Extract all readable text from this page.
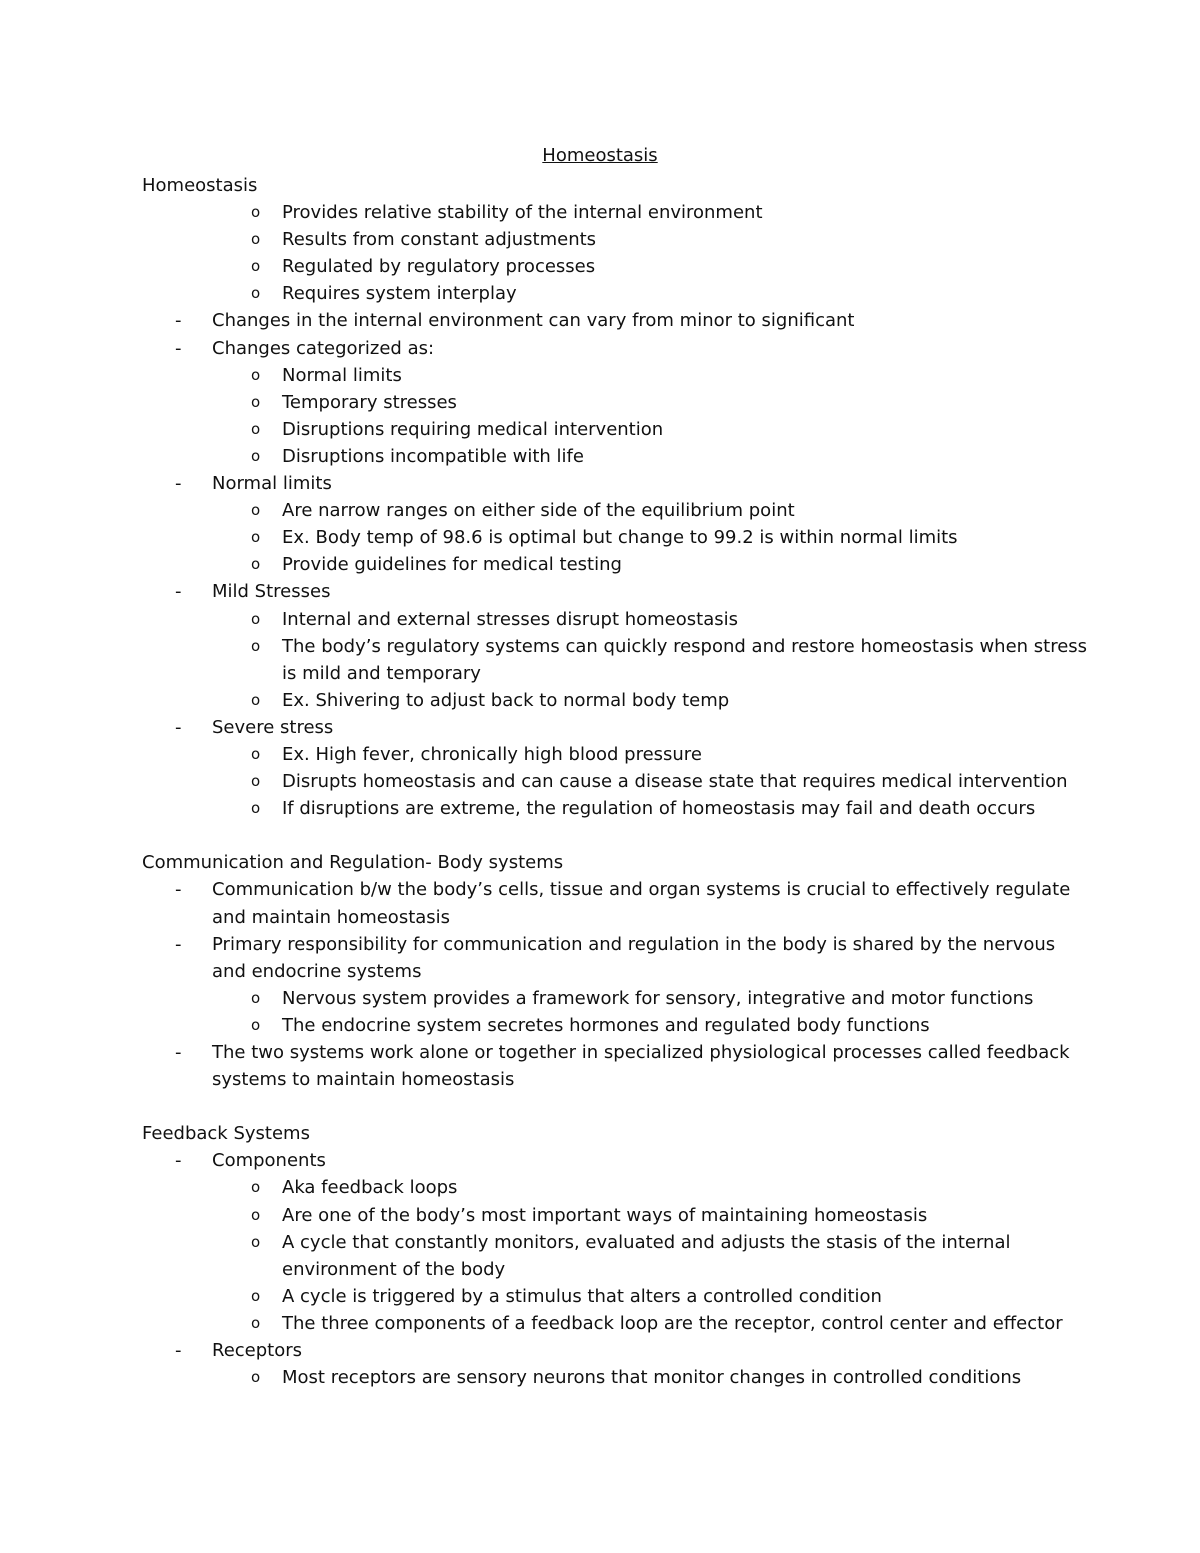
Homeostasis
Homeostasis
o Provides relative stability of the internal environment
o Results from constant adjustments
o Regulated by regulatory processes
o Requires system interplay
- Changes in the internal environment can vary from minor to significant
- Changes categorized as:
o Normal limits
o Temporary stresses
o Disruptions requiring medical intervention
o Disruptions incompatible with life
- Normal limits
o Are narrow ranges on either side of the equilibrium point
o Ex. Body temp of 98.6 is optimal but change to 99.2 is within normal limits
o Provide guidelines for medical testing
- Mild Stresses
o Internal and external stresses disrupt homeostasis
o The body’s regulatory systems can quickly respond and restore homeostasis when stress
is mild and temporary
o Ex. Shivering to adjust back to normal body temp
- Severe stress
o Ex. High fever, chronically high blood pressure
o Disrupts homeostasis and can cause a disease state that requires medical intervention
o If disruptions are extreme, the regulation of homeostasis may fail and death occurs
Communication and Regulation- Body systems
- Communication b/w the body’s cells, tissue and organ systems is crucial to effectively regulate
and maintain homeostasis
- Primary responsibility for communication and regulation in the body is shared by the nervous
and endocrine systems
o Nervous system provides a framework for sensory, integrative and motor functions
o The endocrine system secretes hormones and regulated body functions
- The two systems work alone or together in specialized physiological processes called feedback
systems to maintain homeostasis
Feedback Systems
- Components
o Aka feedback loops
o Are one of the body’s most important ways of maintaining homeostasis
o A cycle that constantly monitors, evaluated and adjusts the stasis of the internal
environment of the body
o A cycle is triggered by a stimulus that alters a controlled condition
o The three components of a feedback loop are the receptor, control center and effector
- Receptors
o Most receptors are sensory neurons that monitor changes in controlled conditions
